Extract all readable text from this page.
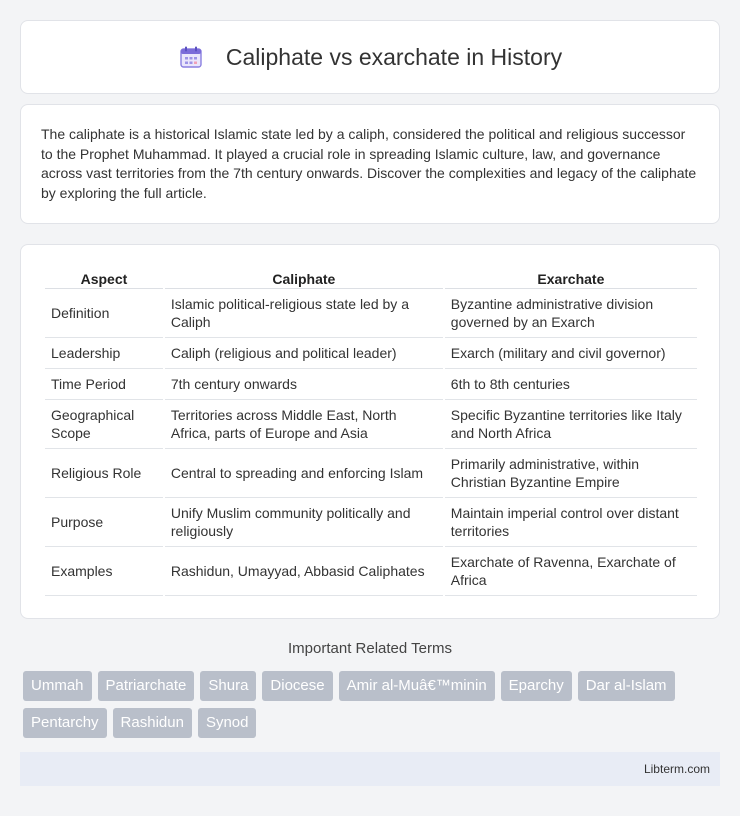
Caliphate vs exarchate in History

The caliphate is a historical Islamic state led by a caliph, considered the political and religious successor to the Prophet Muhammad. It played a crucial role in spreading Islamic culture, law, and governance across vast territories from the 7th century onwards. Discover the complexities and legacy of the caliphate by exploring the full article.

Aspect	Caliphate	Exarchate
Definition	Islamic political-religious state led by a Caliph	Byzantine administrative division governed by an Exarch
Leadership	Caliph (religious and political leader)	Exarch (military and civil governor)
Time Period	7th century onwards	6th to 8th centuries
Geographical Scope	Territories across Middle East, North Africa, parts of Europe and Asia	Specific Byzantine territories like Italy and North Africa
Religious Role	Central to spreading and enforcing Islam	Primarily administrative, within Christian Byzantine Empire
Purpose	Unify Muslim community politically and religiously	Maintain imperial control over distant territories
Examples	Rashidun, Umayyad, Abbasid Caliphates	Exarchate of Ravenna, Exarchate of Africa
Important Related Terms
Ummah	Patriarchate	Shura	Diocese	Amir al-Muâ€™minin	Eparchy	Dar al-Islam
Pentarchy	Rashidun	Synod
Libterm.com
